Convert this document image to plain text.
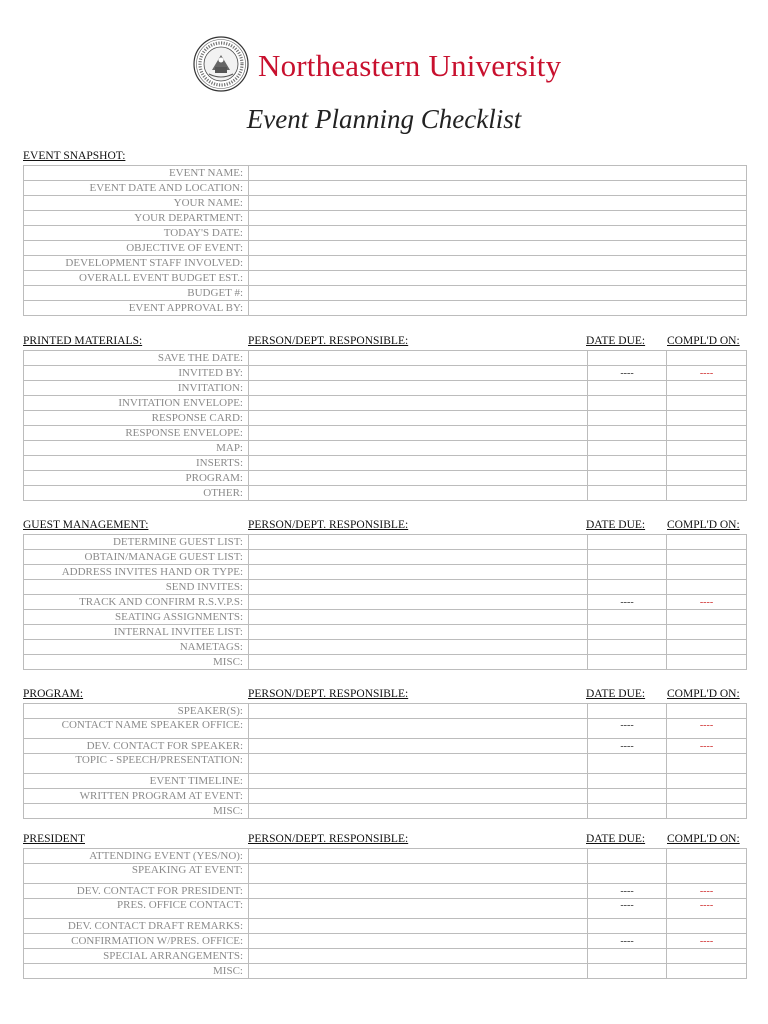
Northeastern University
Event Planning Checklist
EVENT SNAPSHOT:
EVENT NAME:	
EVENT DATE AND LOCATION:	
YOUR NAME:	
YOUR DEPARTMENT:	
TODAY'S DATE:	
OBJECTIVE OF EVENT:	
DEVELOPMENT STAFF INVOLVED:	
OVERALL EVENT BUDGET EST.:	
BUDGET #:	
EVENT APPROVAL BY:	
PRINTED MATERIALS:	PERSON/DEPT. RESPONSIBLE:	DATE DUE: COMPL'D ON:
SAVE THE DATE:			
INVITED BY:		----	----
INVITATION:			
INVITATION ENVELOPE:			
RESPONSE CARD:			
RESPONSE ENVELOPE:			
MAP:			
INSERTS:			
PROGRAM:			
OTHER:			
GUEST MANAGEMENT:	PERSON/DEPT. RESPONSIBLE:	DATE DUE: COMPL'D ON:
DETERMINE GUEST LIST:			
OBTAIN/MANAGE GUEST LIST:			
ADDRESS INVITES HAND OR TYPE:			
SEND INVITES:			
TRACK AND CONFIRM R.S.V.P.S:		----	----
SEATING ASSIGNMENTS:			
INTERNAL INVITEE LIST:			
NAMETAGS:			
MISC:			
PROGRAM:	PERSON/DEPT. RESPONSIBLE:	DATE DUE: COMPL'D ON:
SPEAKER(S):			
CONTACT NAME SPEAKER OFFICE:		----	----
DEV. CONTACT FOR SPEAKER:		----	----
TOPIC - SPEECH/PRESENTATION:			
EVENT TIMELINE:			
WRITTEN PROGRAM AT EVENT:			
MISC:			
PRESIDENT	PERSON/DEPT. RESPONSIBLE:	DATE DUE: COMPL'D ON:
ATTENDING EVENT (YES/NO):			
SPEAKING AT EVENT:			
DEV. CONTACT FOR PRESIDENT:		----	----
PRES. OFFICE CONTACT:		----	----
DEV. CONTACT DRAFT REMARKS:			
CONFIRMATION W/PRES. OFFICE:		----	----
SPECIAL ARRANGEMENTS:			
MISC:			
